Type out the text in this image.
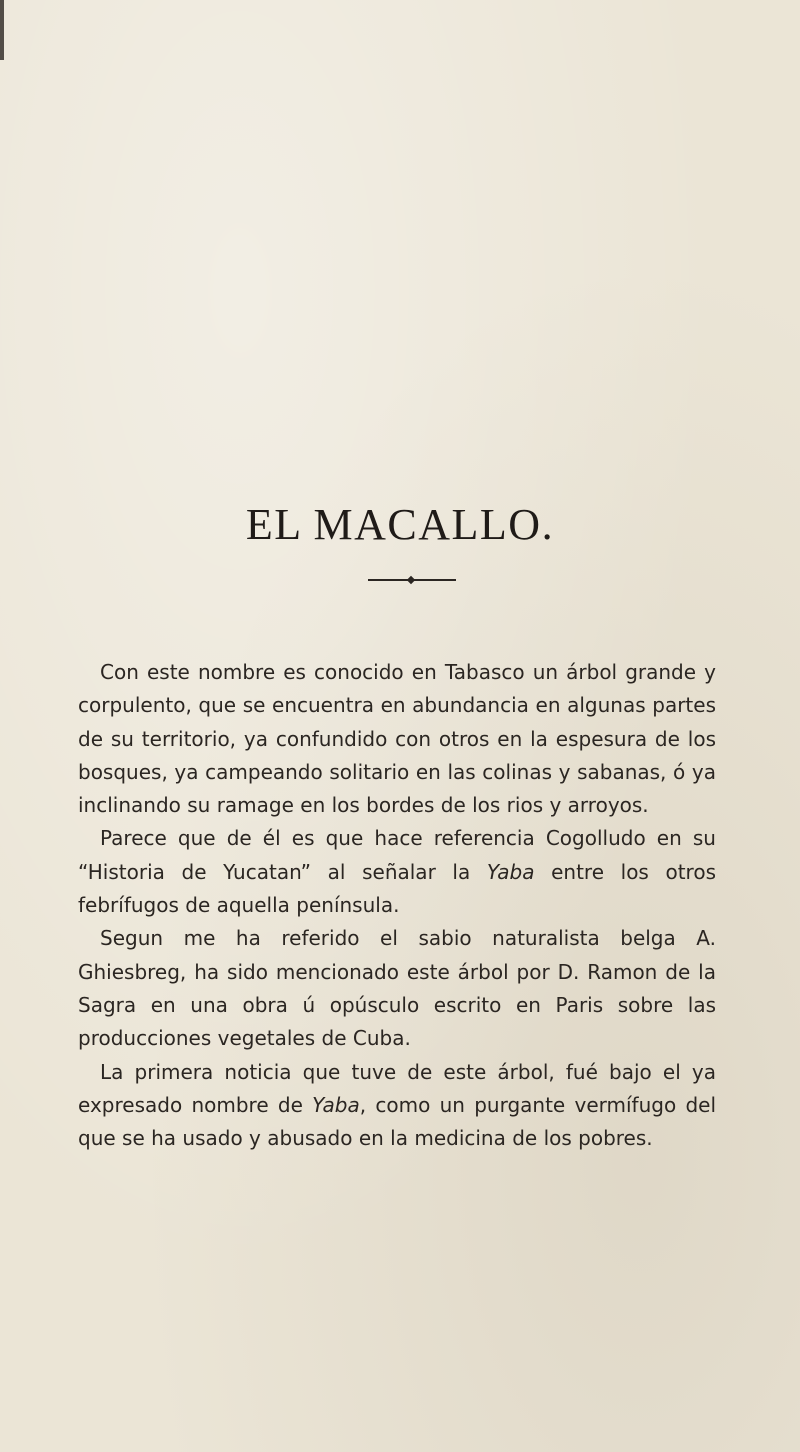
EL MACALLO.

Con este nombre es conocido en Tabasco un árbol grande y corpulento, que se encuentra en abundancia en algunas partes de su territorio, ya confundido con otros en la espesura de los bosques, ya campeando solitario en las colinas y sabanas, ó ya inclinando su ramage en los bordes de los rios y arroyos.

Parece que de él es que hace referencia Cogolludo en su “Historia de Yucatan” al señalar la Yaba entre los otros febrífugos de aquella península.

Segun me ha referido el sabio naturalista belga A. Ghiesbreg, ha sido mencionado este árbol por D. Ramon de la Sagra en una obra ú opúsculo escrito en Paris sobre las producciones vegetales de Cuba.

La primera noticia que tuve de este árbol, fué bajo el ya expresado nombre de Yaba, como un purgante vermífugo del que se ha usado y abusado en la medicina de los pobres.
